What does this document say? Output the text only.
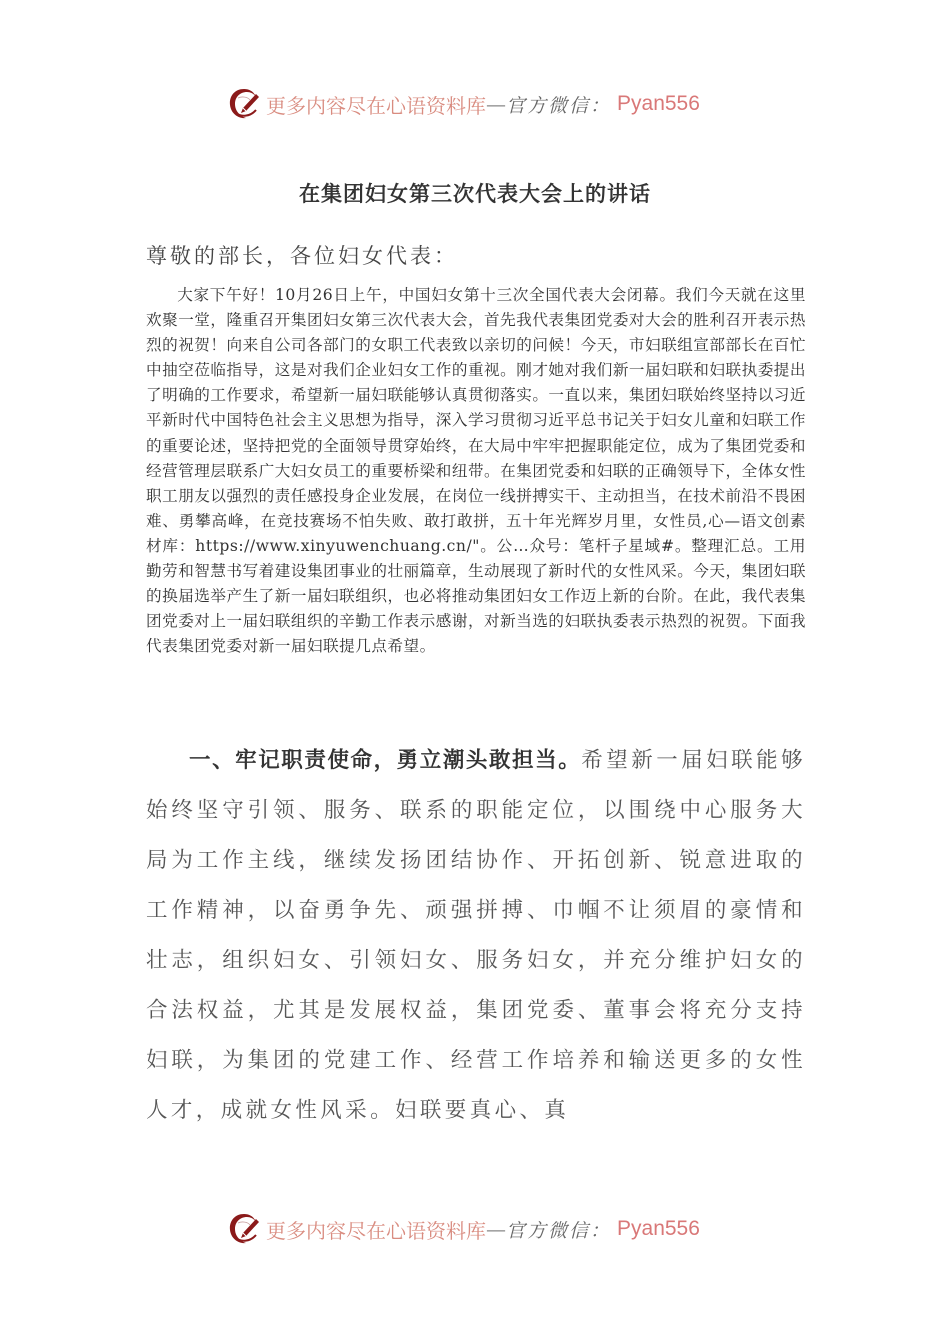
更多内容尽在心语资料库 — 官方微信： Pyan556
在集团妇女第三次代表大会上的讲话
尊敬的部长，各位妇女代表：
大家下午好！10月26日上午，中国妇女第十三次全国代表大会闭幕。我们今天就在这里欢聚一堂，隆重召开集团妇女第三次代表大会，首先我代表集团党委对大会的胜利召开表示热烈的祝贺！向来自公司各部门的女职工代表致以亲切的问候！今天，市妇联组宣部部长在百忙中抽空莅临指导，这是对我们企业妇女工作的重视。刚才她对我们新一届妇联和妇联执委提出了明确的工作要求，希望新一届妇联能够认真贯彻落实。一直以来，集团妇联始终坚持以习近平新时代中国特色社会主义思想为指导，深入学习贯彻习近平总书记关于妇女儿童和妇联工作的重要论述，坚持把党的全面领导贯穿始终，在大局中牢牢把握职能定位，成为了集团党委和经营管理层联系广大妇女员工的重要桥梁和纽带。在集团党委和妇联的正确领导下，全体女性职工朋友以强烈的责任感投身企业发展，在岗位一线拼搏实干、主动担当，在技术前沿不畏困难、勇攀高峰，在竞技赛场不怕失败、敢打敢拼，五十年光辉岁月里，女性员,心—语文创素材库：https://www.xinyuwenchuang.cn/"。公…众号：笔杆子星域#。整理汇总。工用勤劳和智慧书写着建设集团事业的壮丽篇章，生动展现了新时代的女性风采。今天，集团妇联的换届选举产生了新一届妇联组织，也必将推动集团妇女工作迈上新的台阶。在此，我代表集团党委对上一届妇联组织的辛勤工作表示感谢，对新当选的妇联执委表示热烈的祝贺。下面我代表集团党委对新一届妇联提几点希望。
一、牢记职责使命，勇立潮头敢担当。希望新一届妇联能够始终坚守引领、服务、联系的职能定位，以围绕中心服务大局为工作主线，继续发扬团结协作、开拓创新、锐意进取的工作精神，以奋勇争先、顽强拼搏、巾帼不让须眉的豪情和壮志，组织妇女、引领妇女、服务妇女，并充分维护妇女的合法权益，尤其是发展权益，集团党委、董事会将充分支持妇联，为集团的党建工作、经营工作培养和输送更多的女性人才，成就女性风采。妇联要真心、真
更多内容尽在心语资料库 — 官方微信： Pyan556
